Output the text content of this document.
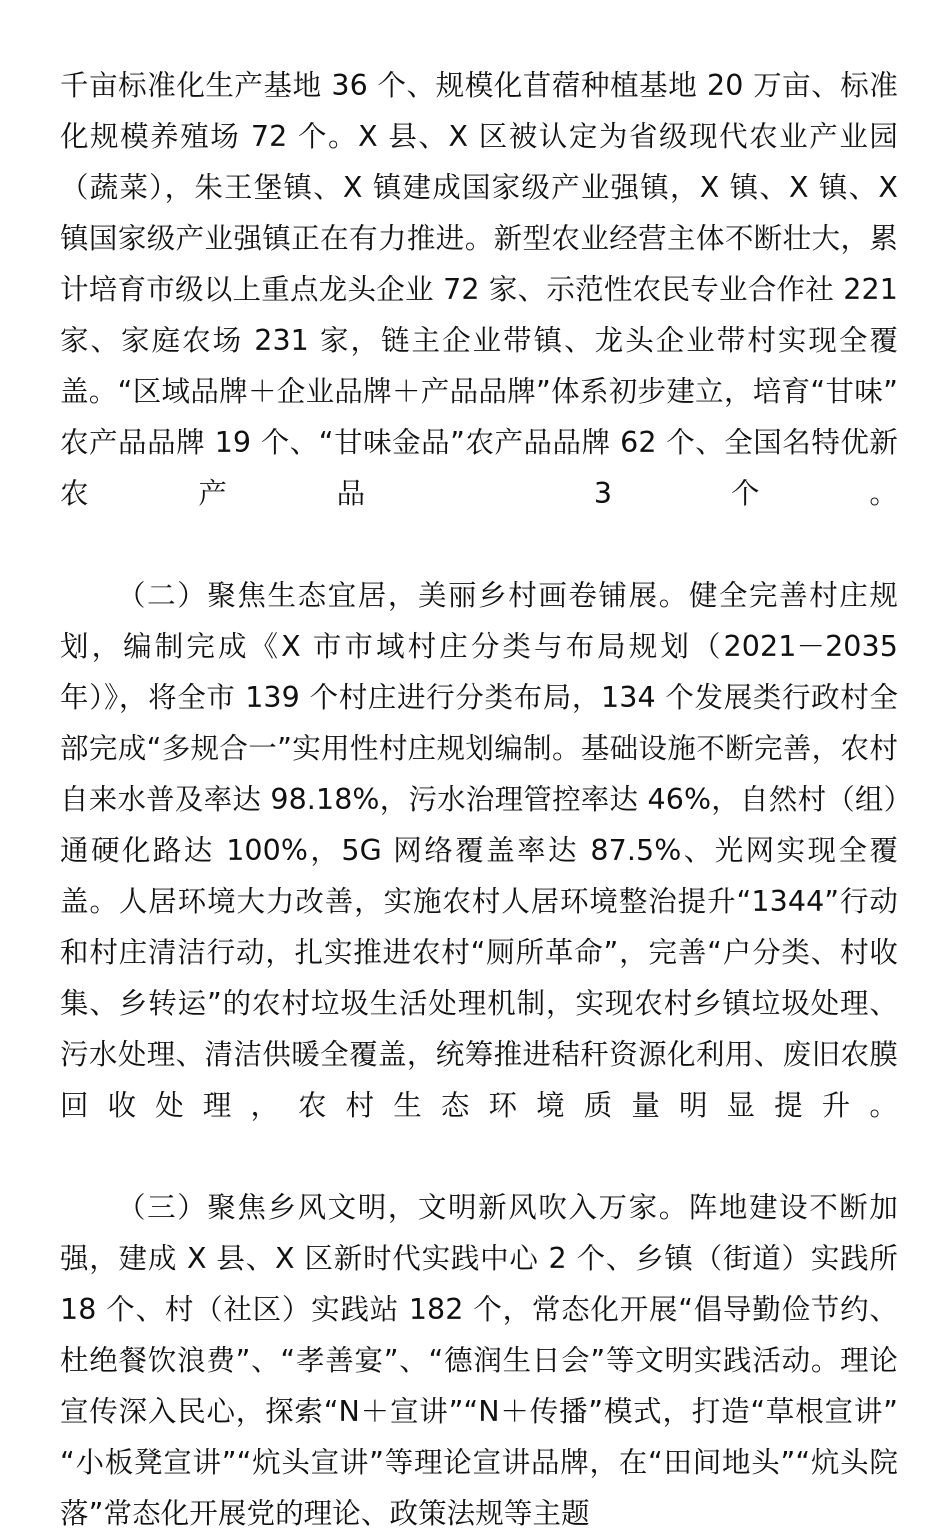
千亩标准化生产基地 36 个、规模化苜蓿种植基地 20 万亩、标准化规模养殖场 72 个。X 县、X 区被认定为省级现代农业产业园（蔬菜），朱王堡镇、X 镇建成国家级产业强镇，X 镇、X 镇、X 镇国家级产业强镇正在有力推进。新型农业经营主体不断壮大，累计培育市级以上重点龙头企业 72 家、示范性农民专业合作社 221 家、家庭农场 231 家，链主企业带镇、龙头企业带村实现全覆盖。“区域品牌＋企业品牌＋产品品牌”体系初步建立，培育“甘味”农产品品牌 19 个、“甘味金品”农产品品牌 62 个、全国名特优新农产品 3 个。

（二）聚焦生态宜居，美丽乡村画卷铺展。健全完善村庄规划，编制完成《X 市市域村庄分类与布局规划（2021－2035 年）》，将全市 139 个村庄进行分类布局，134 个发展类行政村全部完成“多规合一”实用性村庄规划编制。基础设施不断完善，农村自来水普及率达 98.18%，污水治理管控率达 46%，自然村（组）通硬化路达 100%，5G 网络覆盖率达 87.5%、光网实现全覆盖。人居环境大力改善，实施农村人居环境整治提升“1344”行动和村庄清洁行动，扎实推进农村“厕所革命”，完善“户分类、村收集、乡转运”的农村垃圾生活处理机制，实现农村乡镇垃圾处理、污水处理、清洁供暖全覆盖，统筹推进秸秆资源化利用、废旧农膜回收处理，农村生态环境质量明显提升。

（三）聚焦乡风文明，文明新风吹入万家。阵地建设不断加强，建成 X 县、X 区新时代实践中心 2 个、乡镇（街道）实践所 18 个、村（社区）实践站 182 个，常态化开展“倡导勤俭节约、杜绝餐饮浪费”、“孝善宴”、“德润生日会”等文明实践活动。理论宣传深入民心，探索“N＋宣讲”“N＋传播”模式，打造“草根宣讲”“小板凳宣讲”“炕头宣讲”等理论宣讲品牌，在“田间地头”“炕头院落”常态化开展党的理论、政策法规等主题
